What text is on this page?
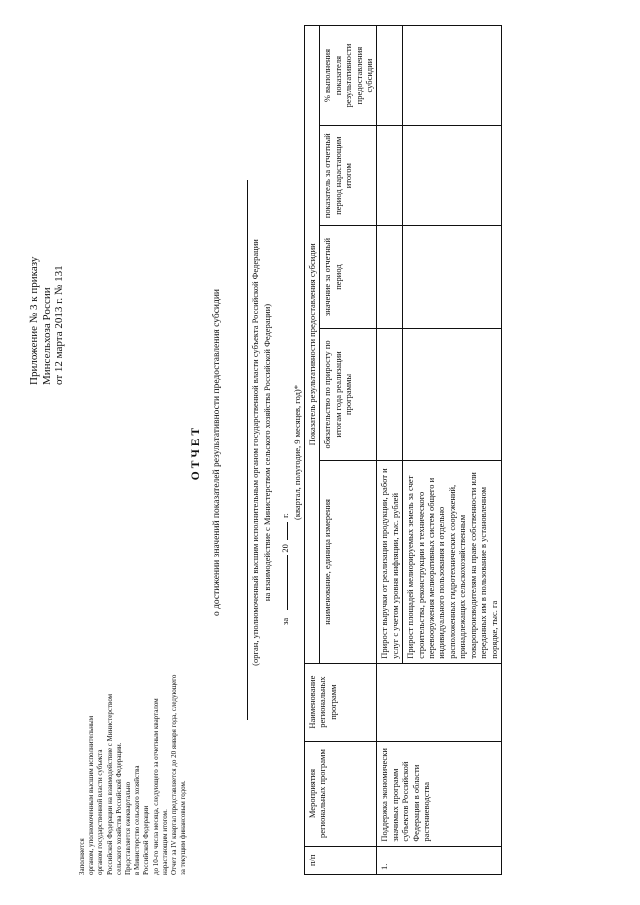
Приложение № 3 к приказу Минсельхоза России от 12 марта 2013 г. № 131
Заполняется органом, уполномоченным высшим исполнительным органом государственной власти субъекта Российской Федерации на взаимодействие с Министерством сельского хозяйства Российской Федерации. Представляется ежеквартально в Министерство сельского хозяйства Российской Федерации до 10-го числа месяца, следующего за отчетным кварталом нарастающим итогом. Отчет за IV квартал представляется до 20 января года, следующего за текущим финансовым годом.
ОТЧЕТ о достижении значений показателей результативности предоставления субсидии	(орган, уполномоченный высшим исполнительным органом государственной власти субъекта Российской Федерации на взаимодействие с Министерством сельского хозяйства Российской Федерации)
за  20  г. (квартал, полугодие, 9 месяцев, год)*
п/п	Мероприятия региональных программ	Наименование региональных программ	Показатель результативности предоставления субсидии				
			наименование, единица измерения	обязательство по приросту по итогам года реализации программы	значение за отчетный период	показатель за отчетный период нарастающим итогом	% выполнения показателя результативности предоставления субсидии
1.	Поддержка экономически значимых программ субъектов Российской Федерации в области растениеводства		Прирост выручки от реализации продукции, работ и услуг с учетом уровня инфляции, тыс. рублей				
			Прирост площадей мелиорируемых земель за счет строительства, реконструкции и технического перевооружения мелиоративных систем общего и индивидуального пользования и отдельно расположенных гидротехнических сооружений, принадлежащих сельскохозяйственным товаропроизводителям на праве собственности или переданных им в пользование в установленном порядке, тыс. га				
